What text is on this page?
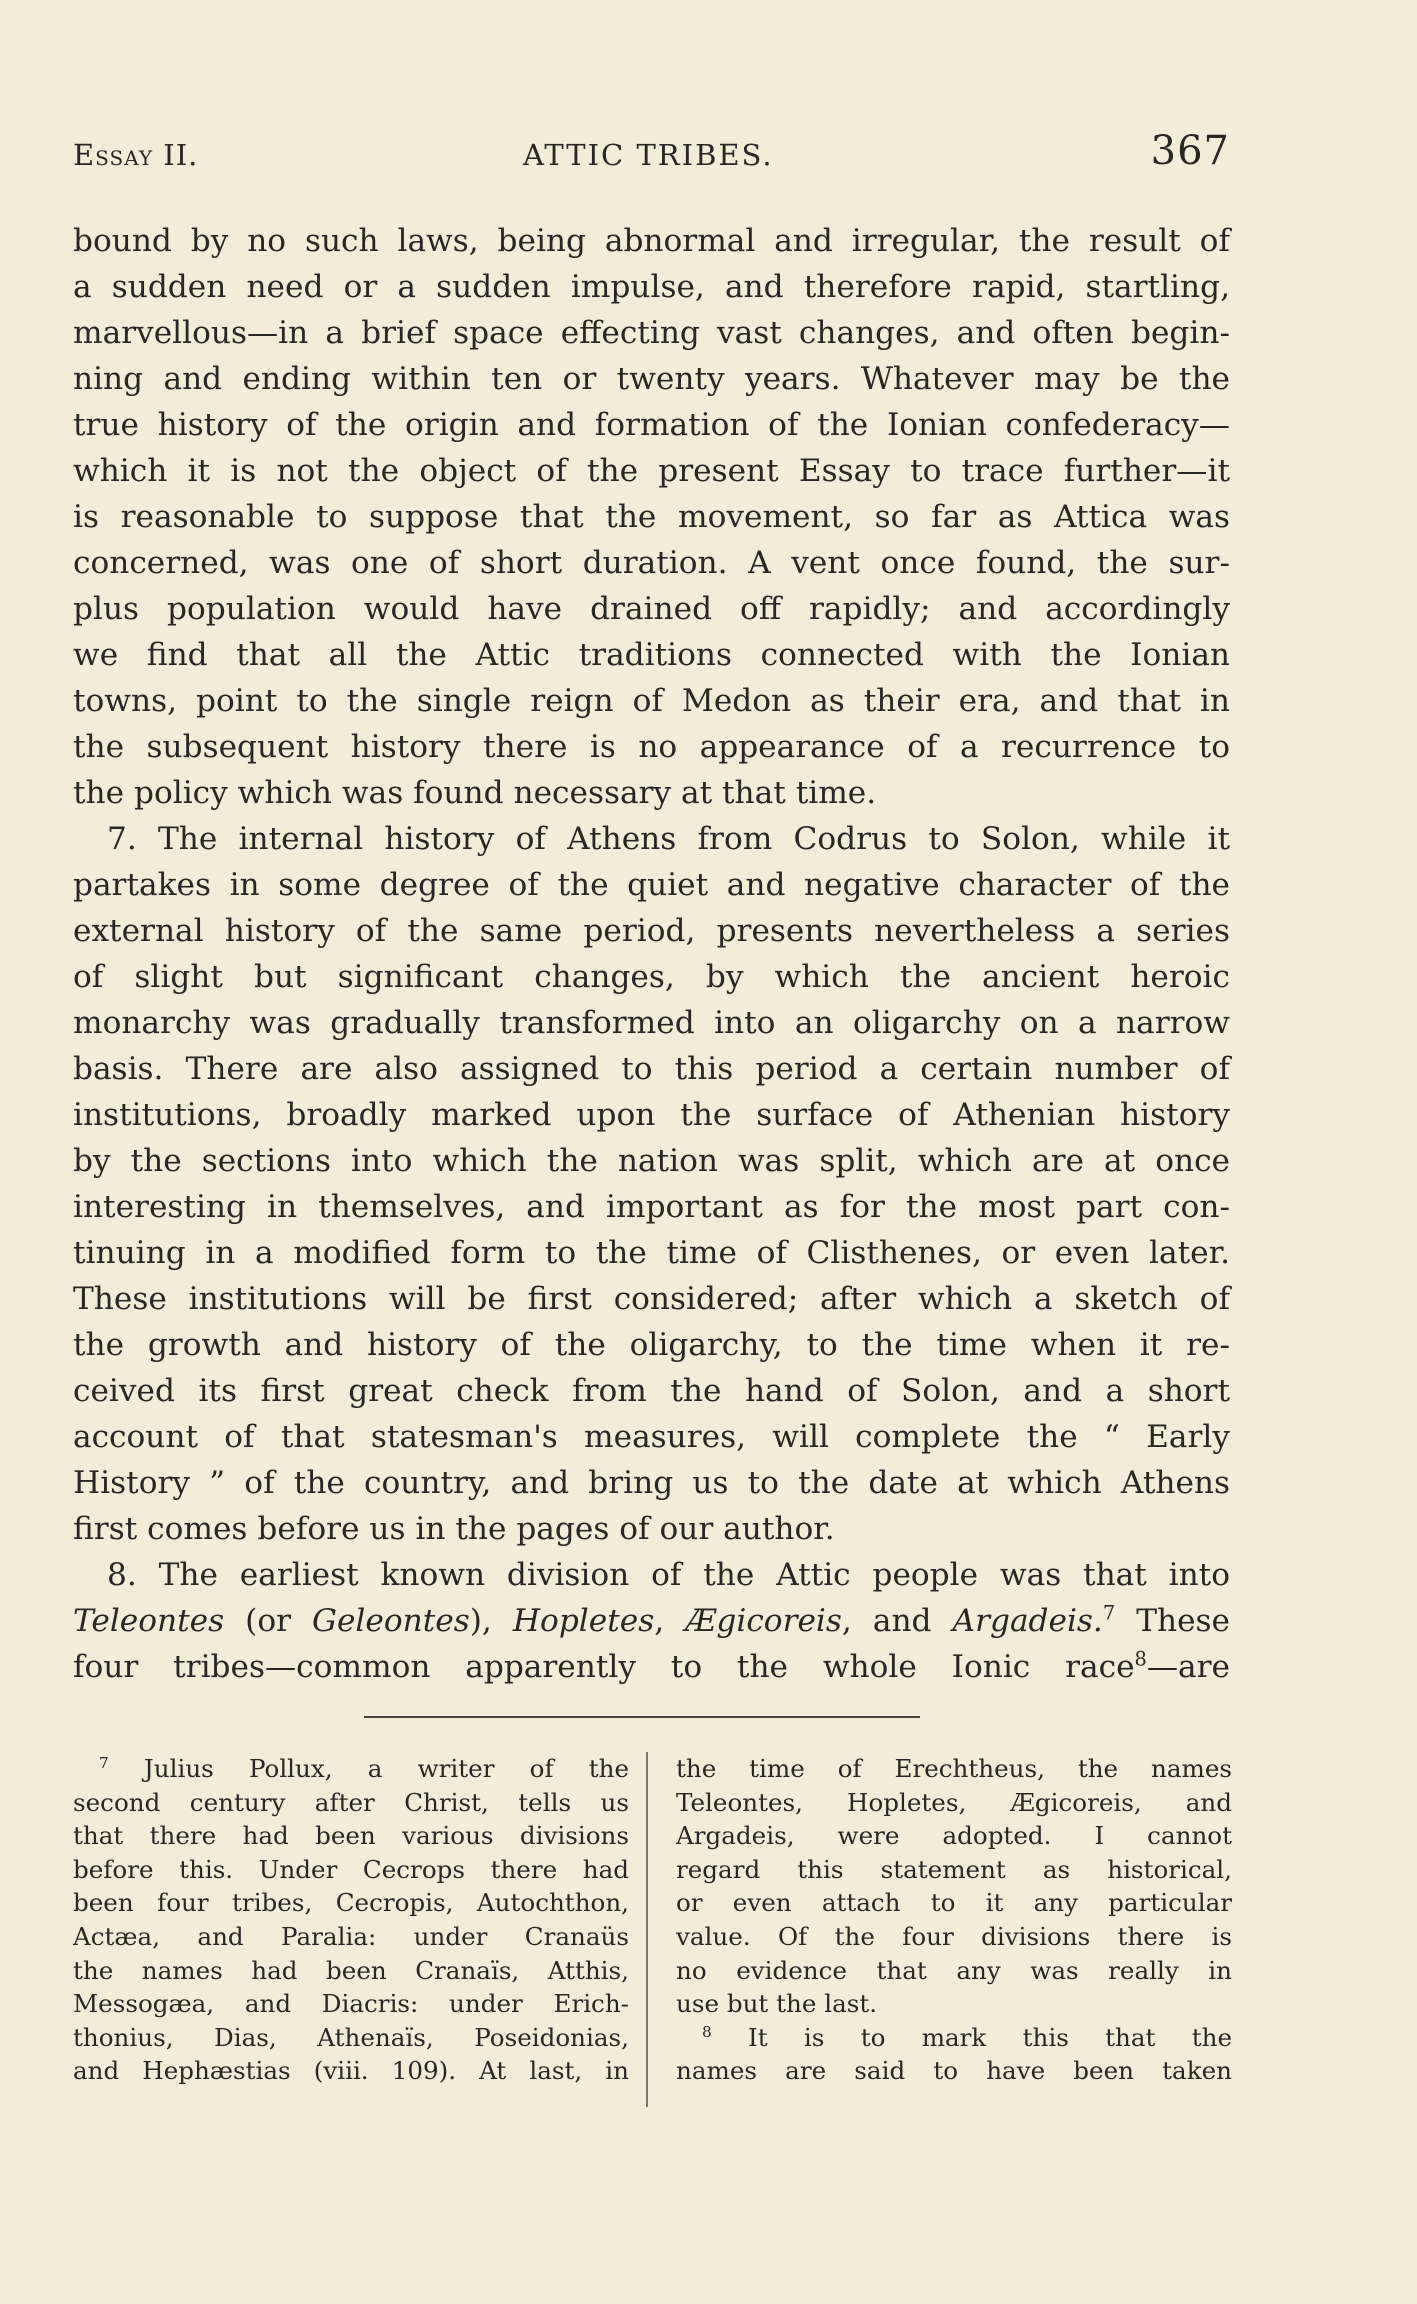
Essay II.	ATTIC TRIBES.	367
bound by no such laws, being abnormal and irregular, the result of
a sudden need or a sudden impulse, and therefore rapid, startling,
marvellous—in a brief space effecting vast changes, and often begin-
ning and ending within ten or twenty years. Whatever may be the
true history of the origin and formation of the Ionian confederacy—
which it is not the object of the present Essay to trace further—it
is reasonable to suppose that the movement, so far as Attica was
concerned, was one of short duration. A vent once found, the sur-
plus population would have drained off rapidly; and accordingly
we find that all the Attic traditions connected with the Ionian
towns, point to the single reign of Medon as their era, and that in
the subsequent history there is no appearance of a recurrence to
the policy which was found necessary at that time.
7. The internal history of Athens from Codrus to Solon, while it
partakes in some degree of the quiet and negative character of the
external history of the same period, presents nevertheless a series
of slight but significant changes, by which the ancient heroic
monarchy was gradually transformed into an oligarchy on a narrow
basis. There are also assigned to this period a certain number of
institutions, broadly marked upon the surface of Athenian history
by the sections into which the nation was split, which are at once
interesting in themselves, and important as for the most part con-
tinuing in a modified form to the time of Clisthenes, or even later.
These institutions will be first considered; after which a sketch of
the growth and history of the oligarchy, to the time when it re-
ceived its first great check from the hand of Solon, and a short
account of that statesman's measures, will complete the “ Early
History ” of the country, and bring us to the date at which Athens
first comes before us in the pages of our author.
8. The earliest known division of the Attic people was that into
Teleontes (or Geleontes), Hopletes, Ægicoreis, and Argadeis.$^7$ These
four tribes—common apparently to the whole Ionic race$^8$—are
$^7$ Julius Pollux, a writer of the
second century after Christ, tells us
that there had been various divisions
before this. Under Cecrops there had
been four tribes, Cecropis, Autochthon,
Actæa, and Paralia: under Cranaüs
the names had been Cranaïs, Atthis,
Messogæa, and Diacris: under Erich-
thonius, Dias, Athenaïs, Poseidonias,
and Hephæstias (viii. 109). At last, in
the time of Erechtheus, the names
Teleontes, Hopletes, Ægicoreis, and
Argadeis, were adopted. I cannot
regard this statement as historical,
or even attach to it any particular
value. Of the four divisions there is
no evidence that any was really in
use but the last.
$^8$ It is to mark this that the
names are said to have been taken
